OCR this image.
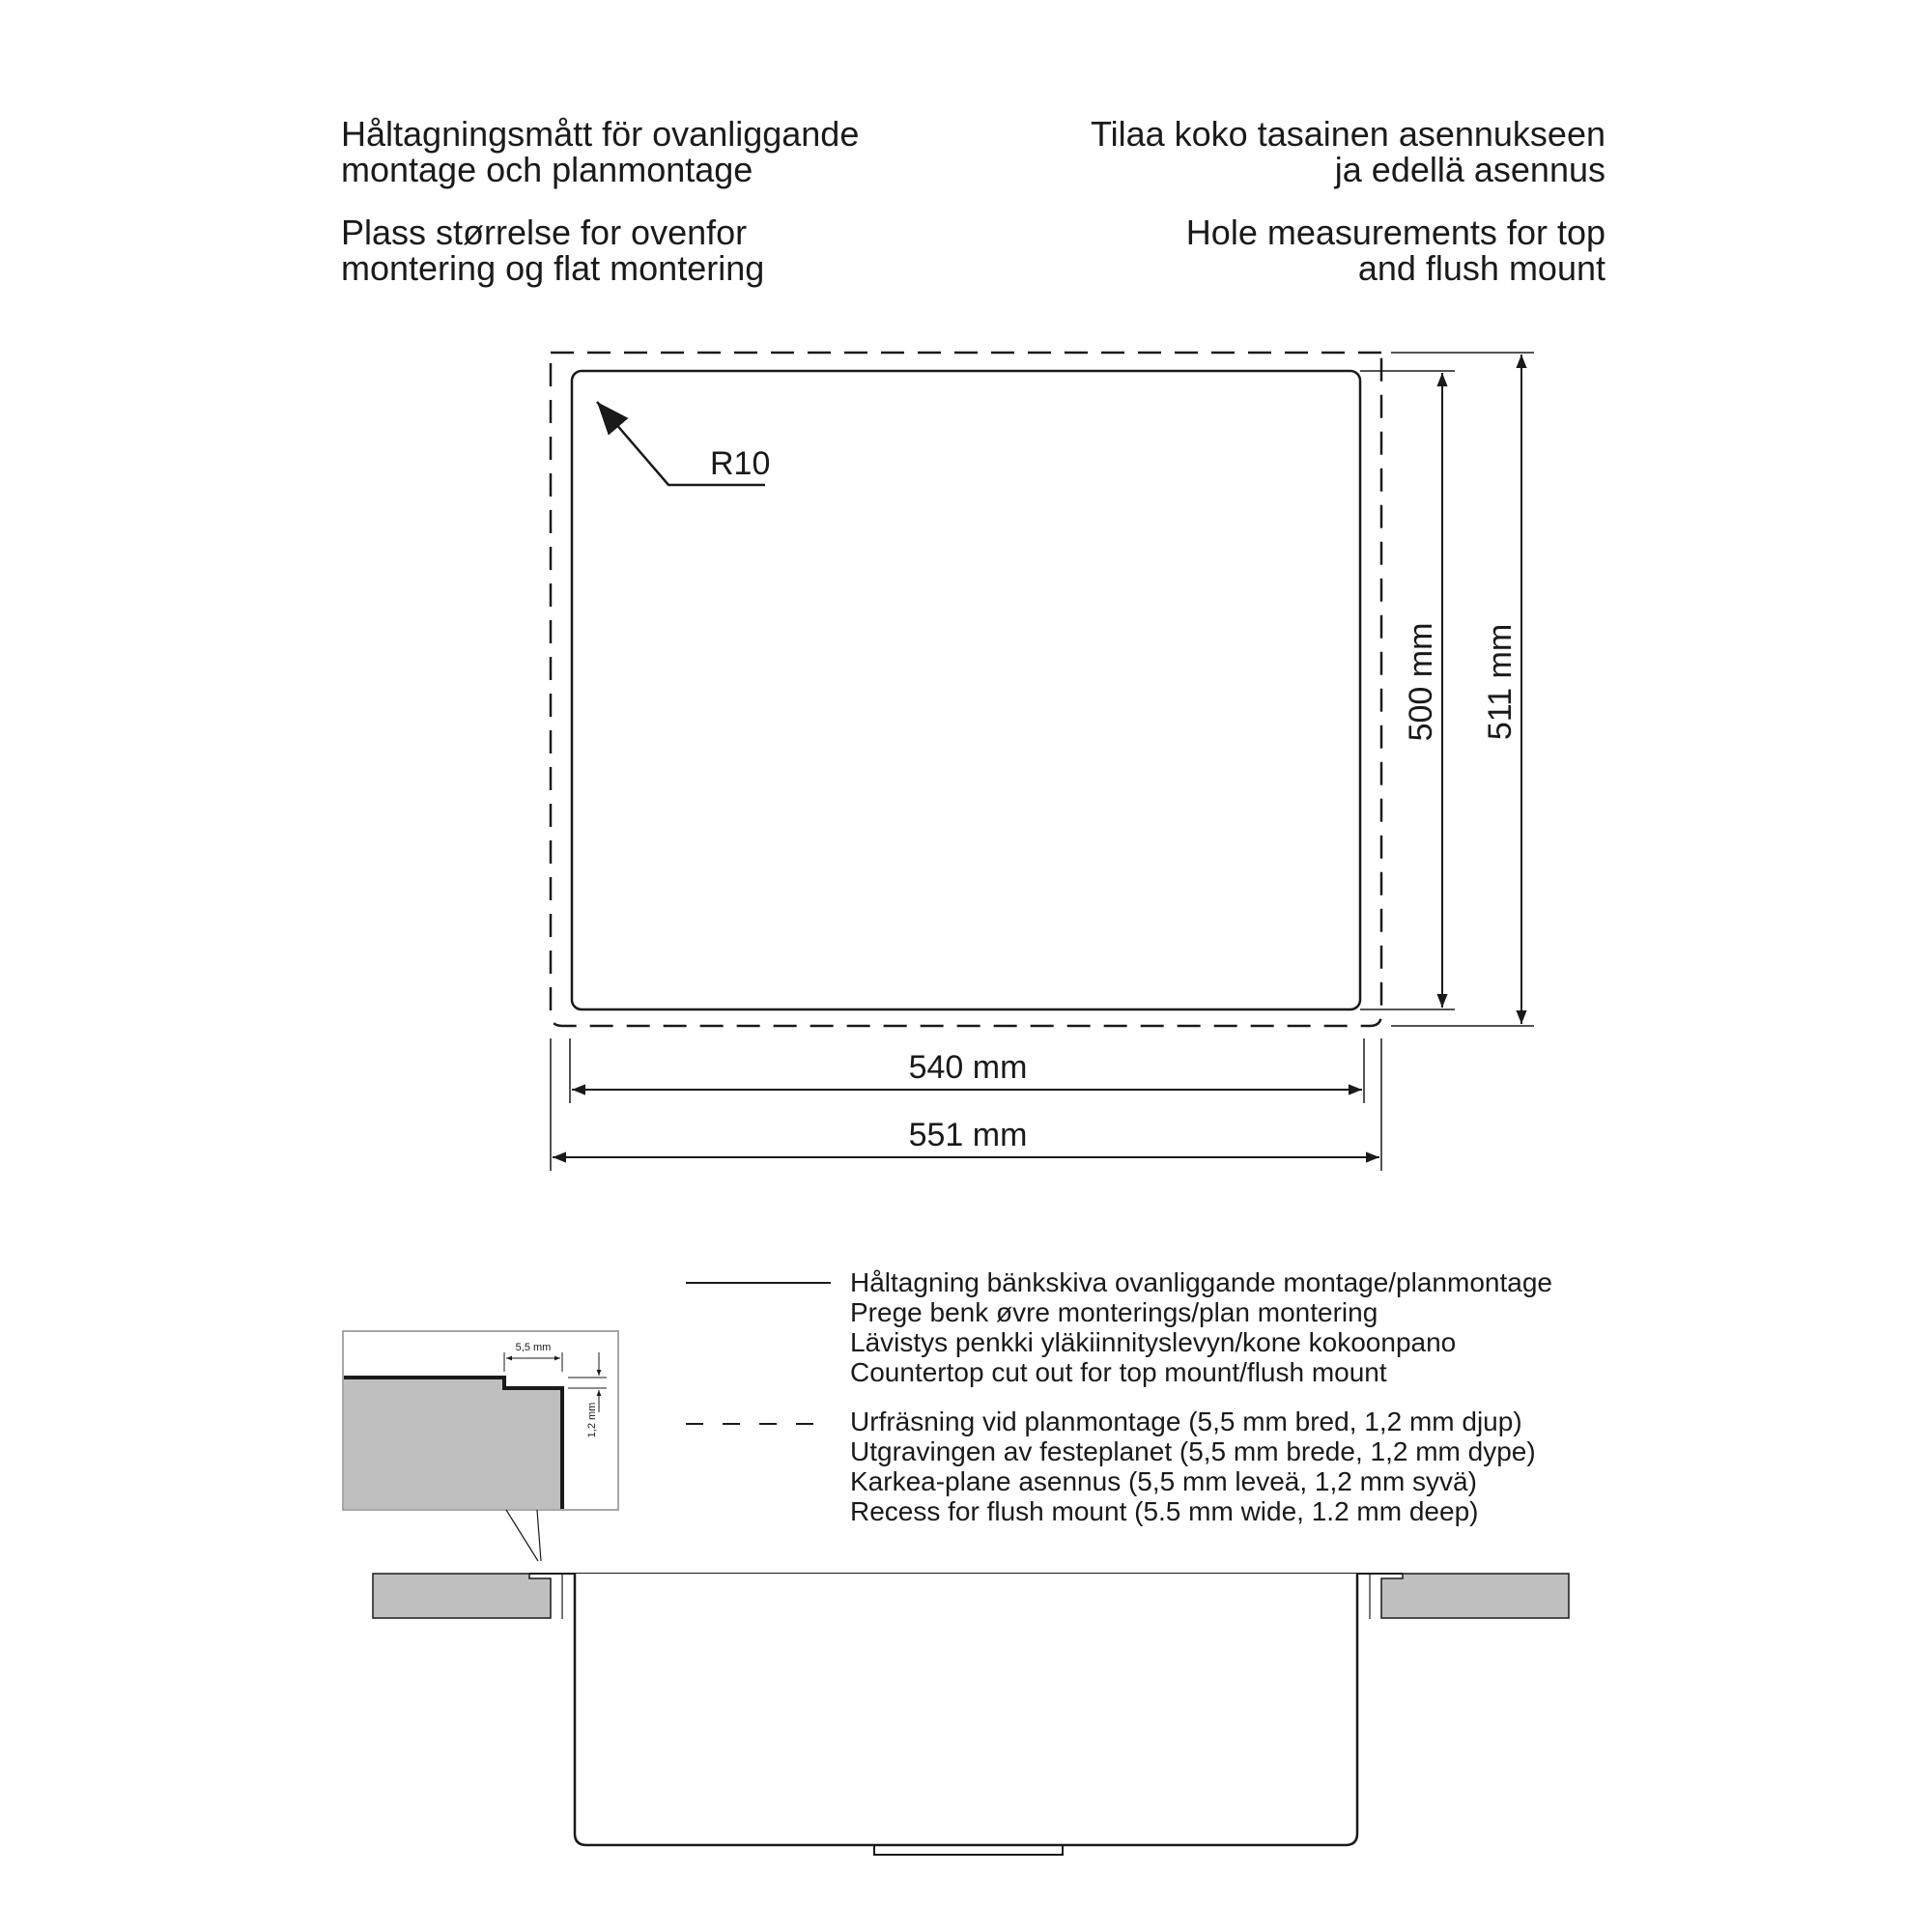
Håltagningsmått för ovanliggande
montage och planmontage
Tilaa koko tasainen asennukseen
ja edellä asennus
Plass størrelse for ovenfor
montering og flat montering
Hole measurements for top
and flush mount
R10
500 mm 511 mm
540 mm
551 mm
5,5 mm
1,2 mm
Håltagning bänkskiva ovanliggande montage/planmontage
Prege benk øvre monterings/plan montering
Lävistys penkki yläkiinnityslevyn/kone kokoonpano
Countertop cut out for top mount/flush mount
Urfräsning vid planmontage (5,5 mm bred, 1,2 mm djup)
Utgravingen av festeplanet (5,5 mm brede, 1,2 mm dype)
Karkea-plane asennus (5,5 mm leveä, 1,2 mm syvä)
Recess for flush mount (5.5 mm wide, 1.2 mm deep)
